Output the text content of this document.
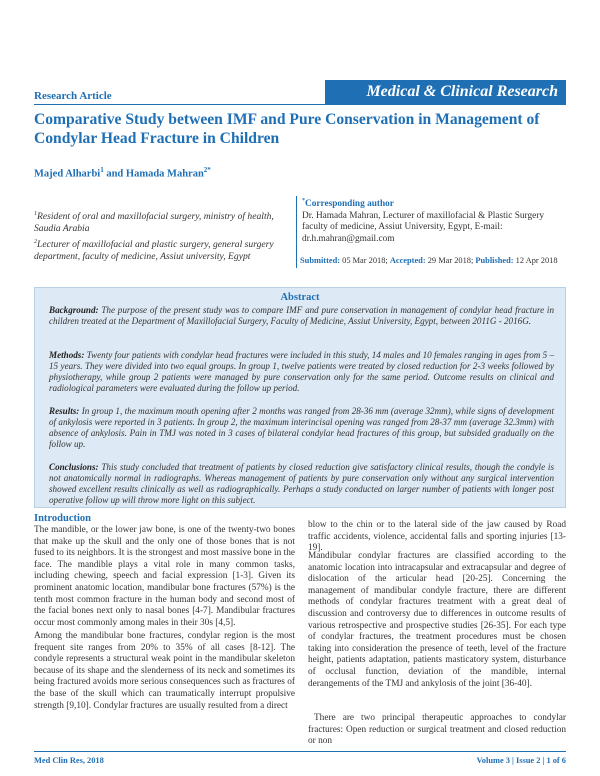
Research Article	Medical & Clinical Research
Comparative Study between IMF and Pure Conservation in Management of Condylar Head Fracture in Children
Majed Alharbi$^1$ and Hamada Mahran$^{2*}$
$^1$Resident of oral and maxillofacial surgery, ministry of health, Saudia Arabia
$^2$Lecturer of maxillofacial and plastic surgery, general surgery department, faculty of medicine, Assiut university, Egypt
*Corresponding author
Dr. Hamada Mahran, Lecturer of maxillofacial & Plastic Surgery faculty of medicine, Assiut University, Egypt, E-mail: dr.h.mahran@gmail.com
Submitted: 05 Mar 2018; Accepted: 29 Mar 2018; Published: 12 Apr 2018
Abstract
Background: The purpose of the present study was to compare IMF and pure conservation in management of condylar head fracture in children treated at the Department of Maxillofacial Surgery, Faculty of Medicine, Assiut University, Egypt, between 2011G - 2016G.
Methods: Twenty four patients with condylar head fractures were included in this study, 14 males and 10 females ranging in ages from 5 – 15 years. They were divided into two equal groups. In group 1, twelve patients were treated by closed reduction for 2-3 weeks followed by physiotherapy, while group 2 patients were managed by pure conservation only for the same period. Outcome results on clinical and radiological parameters were evaluated during the follow up period.
Results: In group 1, the maximum mouth opening after 2 months was ranged from 28-36 mm (average 32mm), while signs of development of ankylosis were reported in 3 patients. In group 2, the maximum interincisal opening was ranged from 28-37 mm (average 32.3mm) with absence of ankylosis. Pain in TMJ was noted in 3 cases of bilateral condylar head fractures of this group, but subsided gradually on the follow up.
Conclusions: This study concluded that treatment of patients by closed reduction give satisfactory clinical results, though the condyle is not anatomically normal in radiographs. Whereas management of patients by pure conservation only without any surgical intervention showed excellent results clinically as well as radiographically. Perhaps a study conducted on larger number of patients with longer post operative follow up will throw more light on this subject.
Introduction
The mandible, or the lower jaw bone, is one of the twenty-two bones that make up the skull and the only one of those bones that is not fused to its neighbors. It is the strongest and most massive bone in the face. The mandible plays a vital role in many common tasks, including chewing, speech and facial expression [1-3]. Given its prominent anatomic location, mandibular bone fractures (57%) is the tenth most common fracture in the human body and second most of the facial bones next only to nasal bones [4-7]. Mandibular fractures occur most commonly among males in their 30s [4,5].
Among the mandibular bone fractures, condylar region is the most frequent site ranges from 20% to 35% of all cases [8-12]. The condyle represents a structural weak point in the mandibular skeleton because of its shape and the slenderness of its neck and sometimes its being fractured avoids more serious consequences such as fractures of the base of the skull which can traumatically interrupt propulsive strength [9,10]. Condylar fractures are usually resulted from a direct
blow to the chin or to the lateral side of the jaw caused by Road traffic accidents, violence, accidental falls and sporting injuries [13-19].
Mandibular condylar fractures are classified according to the anatomic location into intracapsular and extracapsular and degree of dislocation of the articular head [20-25]. Concerning the management of mandibular condyle fracture, there are different methods of condylar fractures treatment with a great deal of discussion and controversy due to differences in outcome results of various retrospective and prospective studies [26-35]. For each type of condylar fractures, the treatment procedures must be chosen taking into consideration the presence of teeth, level of the fracture height, patients adaptation, patients masticatory system, disturbance of occlusal function, deviation of the mandible, internal derangements of the TMJ and ankylosis of the joint [36-40].
There are two principal therapeutic approaches to condylar fractures: Open reduction or surgical treatment and closed reduction or non
Med Clin Res, 2018	Volume 3 | Issue 2 | 1 of 6
